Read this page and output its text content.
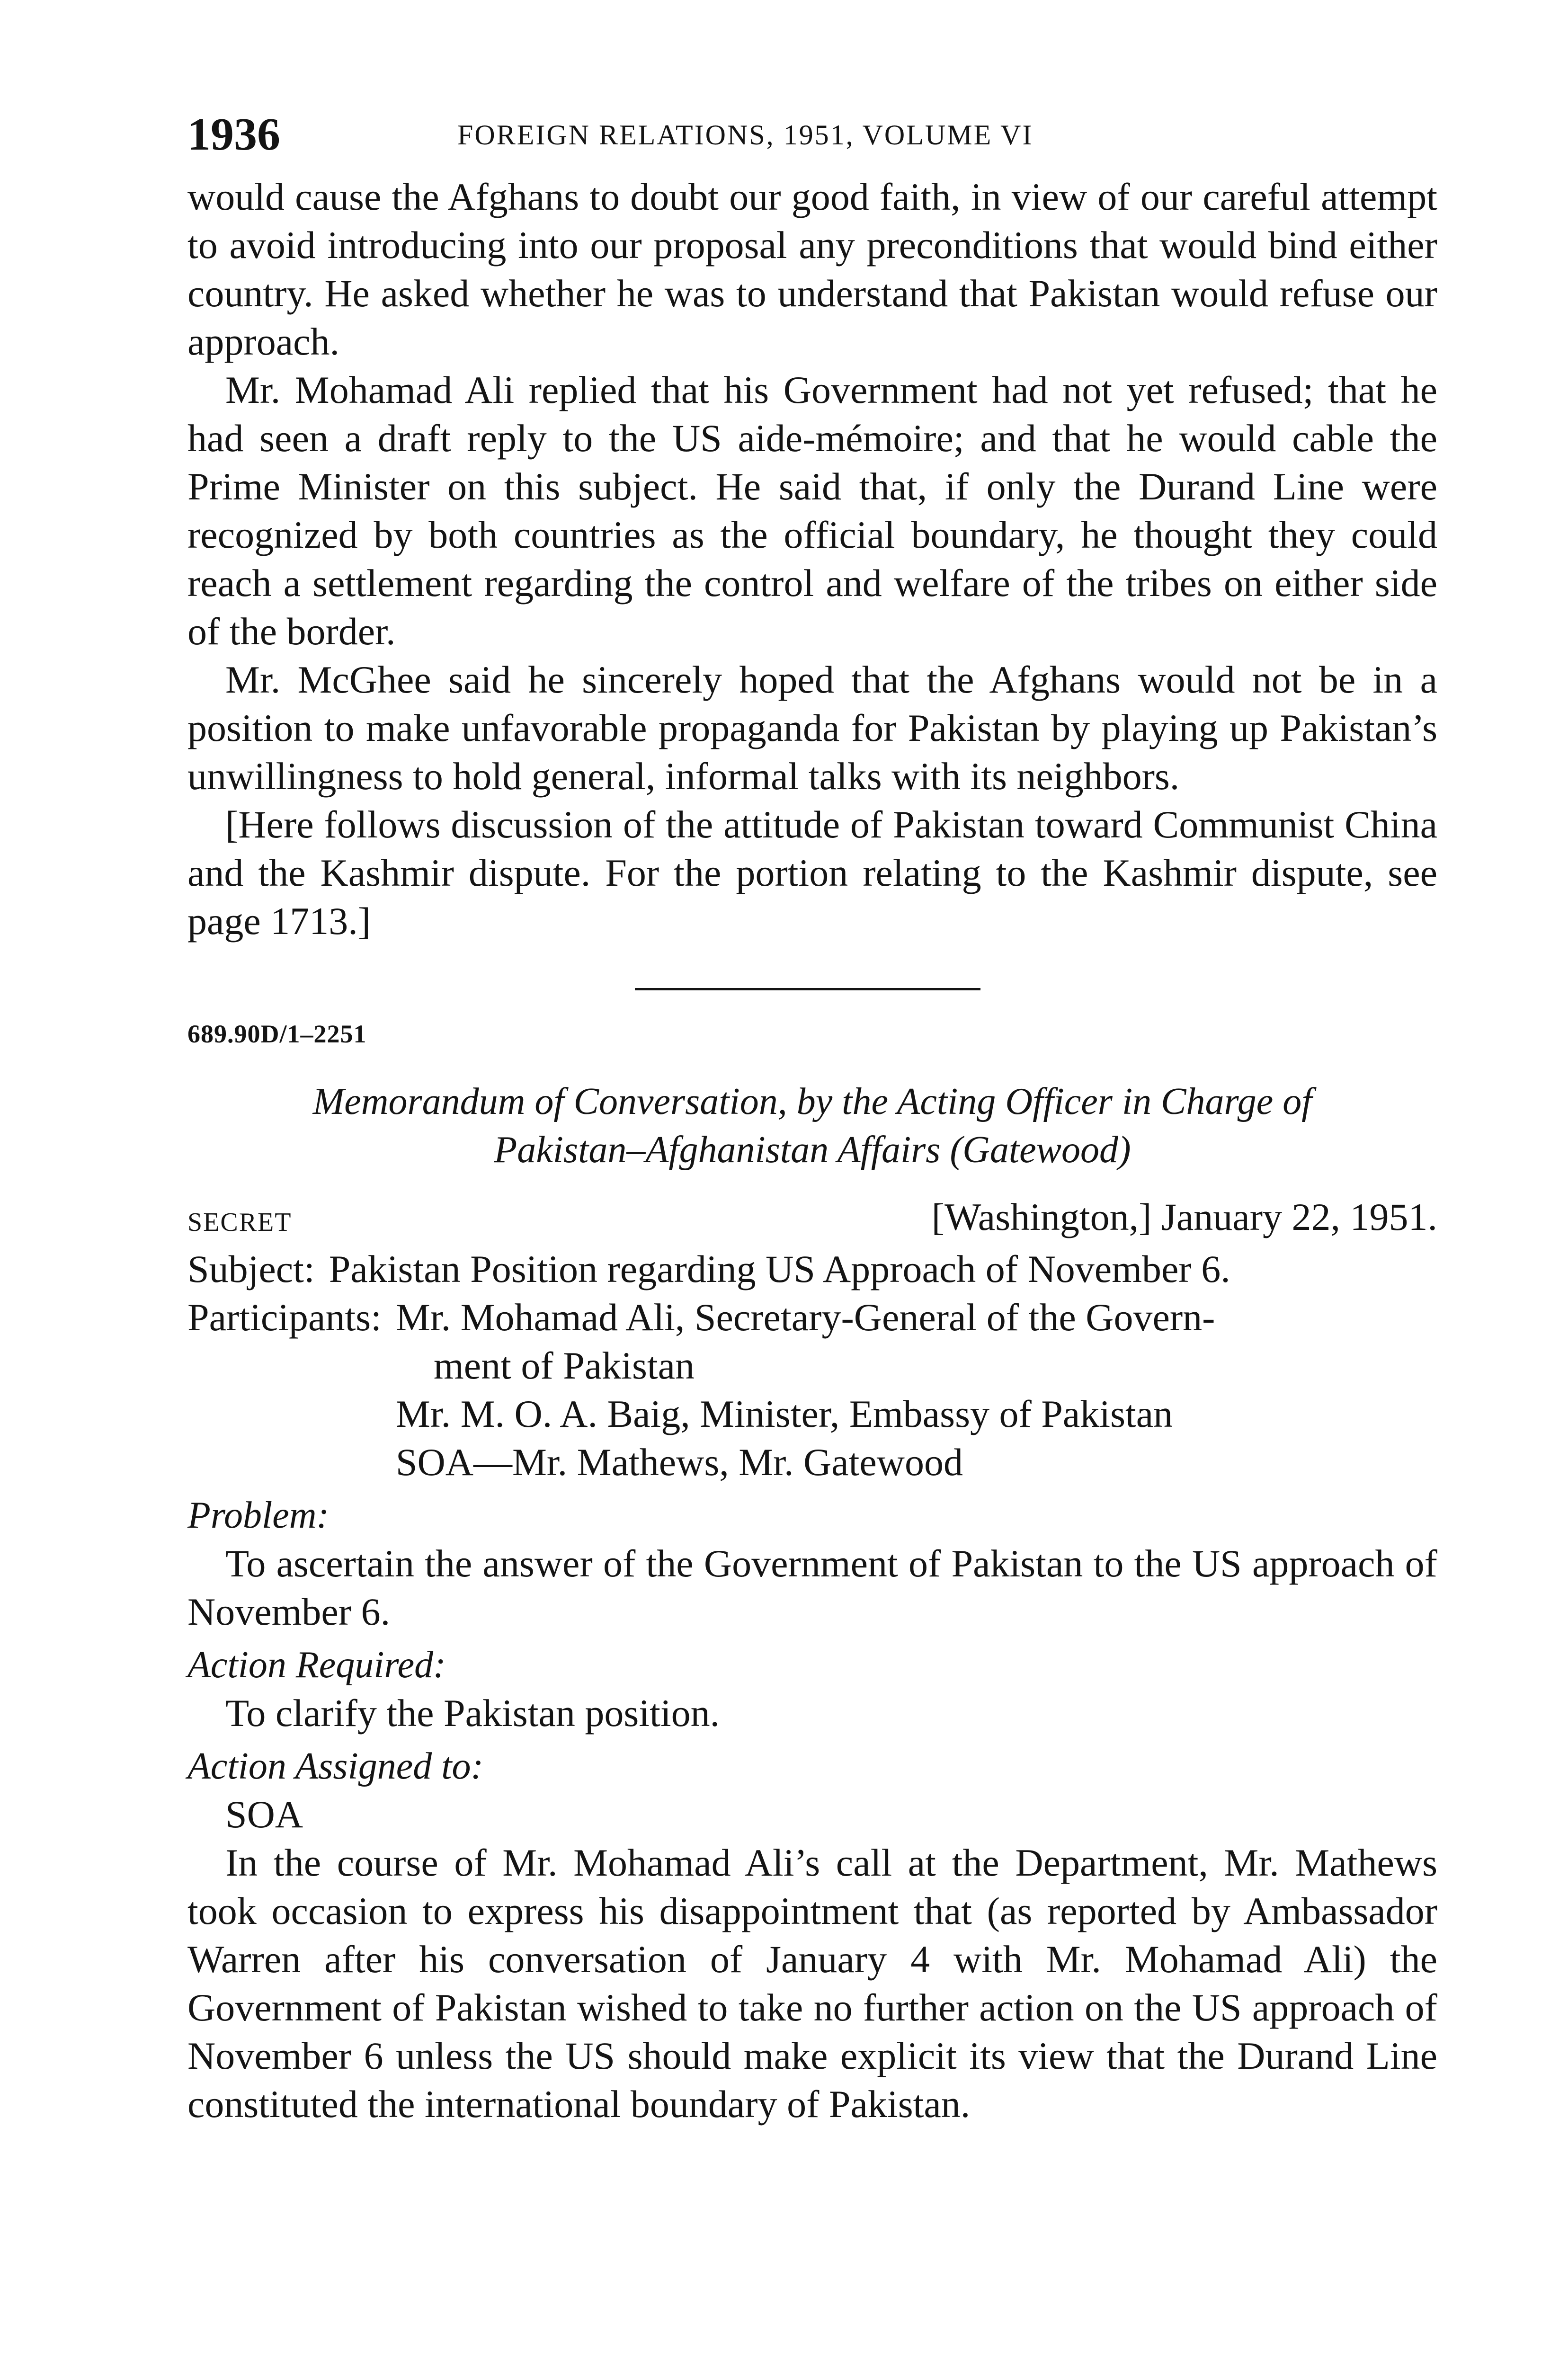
1936	FOREIGN RELATIONS, 1951, VOLUME VI

would cause the Afghans to doubt our good faith, in view of our careful attempt to avoid introducing into our proposal any preconditions that would bind either country. He asked whether he was to understand that Pakistan would refuse our approach.

Mr. Mohamad Ali replied that his Government had not yet refused; that he had seen a draft reply to the US aide-mémoire; and that he would cable the Prime Minister on this subject. He said that, if only the Durand Line were recognized by both countries as the official boundary, he thought they could reach a settlement regarding the control and welfare of the tribes on either side of the border.

Mr. McGhee said he sincerely hoped that the Afghans would not be in a position to make unfavorable propaganda for Pakistan by playing up Pakistan’s unwillingness to hold general, informal talks with its neighbors.

[Here follows discussion of the attitude of Pakistan toward Communist China and the Kashmir dispute. For the portion relating to the Kashmir dispute, see page 1713.]

689.90D/1–2251
Memorandum of Conversation, by the Acting Officer in Charge of
Pakistan–Afghanistan Affairs (Gatewood)
SECRET	[Washington,] January 22, 1951.
Subject: Pakistan Position regarding US Approach of November 6.
Participants: Mr. Mohamad Ali, Secretary-General of the Govern-
ment of Pakistan
Mr. M. O. A. Baig, Minister, Embassy of Pakistan
SOA—Mr. Mathews, Mr. Gatewood
Problem:

To ascertain the answer of the Government of Pakistan to the US approach of November 6.

Action Required:

To clarify the Pakistan position.

Action Assigned to:

SOA

In the course of Mr. Mohamad Ali’s call at the Department, Mr. Mathews took occasion to express his disappointment that (as reported by Ambassador Warren after his conversation of January 4 with Mr. Mohamad Ali) the Government of Pakistan wished to take no further action on the US approach of November 6 unless the US should make explicit its view that the Durand Line constituted the international boundary of Pakistan.
